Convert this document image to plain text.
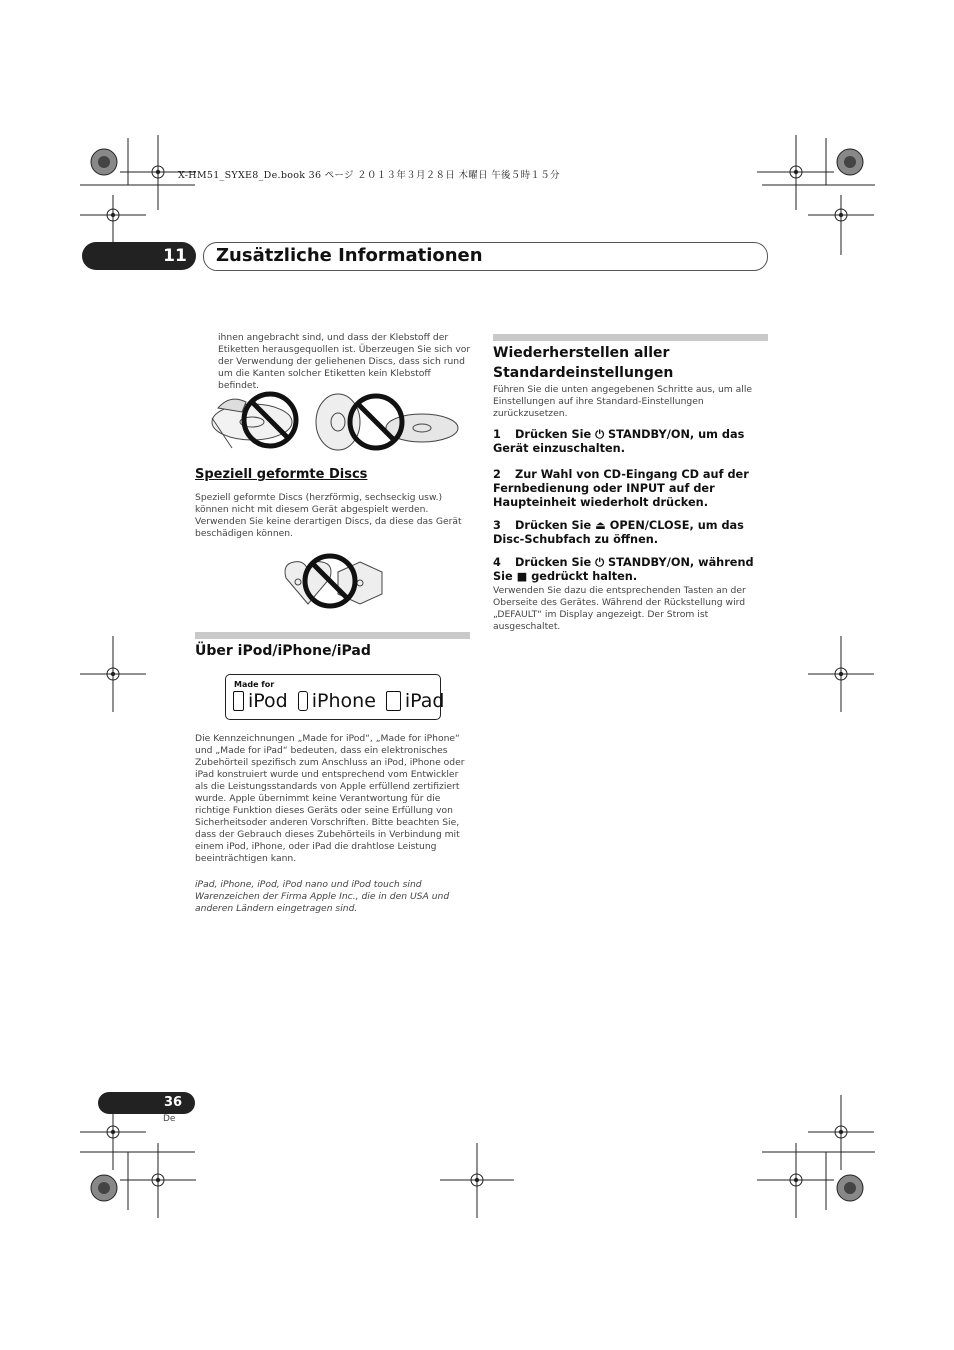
X-HM51_SYXE8_De.book 36 ページ ２０１３年３月２８日 木曜日 午後５時１５分
11 Zusätzliche Informationen
ihnen angebracht sind, und dass der Klebstoff der Etiketten herausgequollen ist. Überzeugen Sie sich vor der Verwendung der geliehenen Discs, dass sich rund um die Kanten solcher Etiketten kein Klebstoff befindet.
Speziell geformte Discs
Speziell geformte Discs (herzförmig, sechseckig usw.) können nicht mit diesem Gerät abgespielt werden. Verwenden Sie keine derartigen Discs, da diese das Gerät beschädigen können.
Über iPod/iPhone/iPad
Made for
iPod iPhone iPad
Die Kennzeichnungen „Made for iPod“, „Made for iPhone“ und „Made for iPad“ bedeuten, dass ein elektronisches Zubehörteil spezifisch zum Anschluss an iPod, iPhone oder iPad konstruiert wurde und entsprechend vom Entwickler als die Leistungsstandards von Apple erfüllend zertifiziert wurde. Apple übernimmt keine Verantwortung für die richtige Funktion dieses Geräts oder seine Erfüllung von Sicherheitsoder anderen Vorschriften. Bitte beachten Sie, dass der Gebrauch dieses Zubehörteils in Verbindung mit einem iPod, iPhone, oder iPad die drahtlose Leistung beeinträchtigen kann.
iPad, iPhone, iPod, iPod nano und iPod touch sind Warenzeichen der Firma Apple Inc., die in den USA und anderen Ländern eingetragen sind.
Wiederherstellen aller Standardeinstellungen
Führen Sie die unten angegebenen Schritte aus, um alle Einstellungen auf ihre Standard-Einstellungen zurückzusetzen.
1 Drücken Sie ⏻ STANDBY/ON, um das Gerät einzuschalten.
2 Zur Wahl von CD-Eingang CD auf der Fernbedienung oder INPUT auf der Haupteinheit wiederholt drücken.
3 Drücken Sie ⏏ OPEN/CLOSE, um das Disc-Schubfach zu öffnen.
4 Drücken Sie ⏻ STANDBY/ON, während Sie ■ gedrückt halten.
Verwenden Sie dazu die entsprechenden Tasten an der Oberseite des Gerätes. Während der Rückstellung wird „DEFAULT“ im Display angezeigt. Der Strom ist ausgeschaltet.
36
De
